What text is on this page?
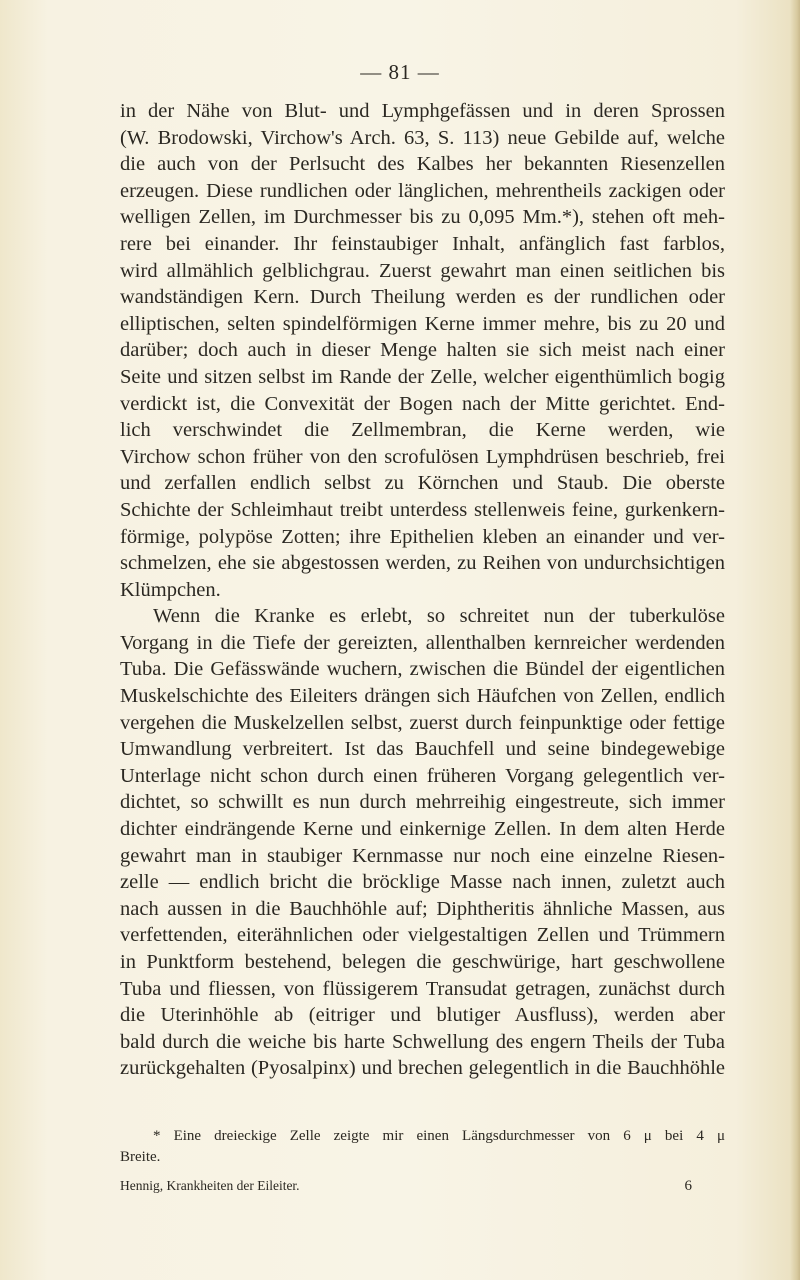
— 81 —
in der Nähe von Blut- und Lymphgefässen und in deren Sprossen
(W. Brodowski, Virchow's Arch. 63, S. 113) neue Gebilde auf, welche
die auch von der Perlsucht des Kalbes her bekannten Riesenzellen
erzeugen. Diese rundlichen oder länglichen, mehrentheils zackigen oder
welligen Zellen, im Durchmesser bis zu 0,095 Mm.*), stehen oft meh-
rere bei einander. Ihr feinstaubiger Inhalt, anfänglich fast farblos,
wird allmählich gelblichgrau. Zuerst gewahrt man einen seitlichen bis
wandständigen Kern. Durch Theilung werden es der rundlichen oder
elliptischen, selten spindelförmigen Kerne immer mehre, bis zu 20 und
darüber; doch auch in dieser Menge halten sie sich meist nach einer
Seite und sitzen selbst im Rande der Zelle, welcher eigenthümlich bogig
verdickt ist, die Convexität der Bogen nach der Mitte gerichtet. End-
lich verschwindet die Zellmembran, die Kerne werden, wie
Virchow schon früher von den scrofulösen Lymphdrüsen beschrieb, frei
und zerfallen endlich selbst zu Körnchen und Staub. Die oberste
Schichte der Schleimhaut treibt unterdess stellenweis feine, gurkenkern-
förmige, polypöse Zotten; ihre Epithelien kleben an einander und ver-
schmelzen, ehe sie abgestossen werden, zu Reihen von undurchsichtigen
Klümpchen.
Wenn die Kranke es erlebt, so schreitet nun der tuberkulöse
Vorgang in die Tiefe der gereizten, allenthalben kernreicher werdenden
Tuba. Die Gefässwände wuchern, zwischen die Bündel der eigentlichen
Muskelschichte des Eileiters drängen sich Häufchen von Zellen, endlich
vergehen die Muskelzellen selbst, zuerst durch feinpunktige oder fettige
Umwandlung verbreitert. Ist das Bauchfell und seine bindegewebige
Unterlage nicht schon durch einen früheren Vorgang gelegentlich ver-
dichtet, so schwillt es nun durch mehrreihig eingestreute, sich immer
dichter eindrängende Kerne und einkernige Zellen. In dem alten Herde
gewahrt man in staubiger Kernmasse nur noch eine einzelne Riesen-
zelle — endlich bricht die bröcklige Masse nach innen, zuletzt auch
nach aussen in die Bauchhöhle auf; Diphtheritis ähnliche Massen, aus
verfettenden, eiterähnlichen oder vielgestaltigen Zellen und Trümmern
in Punktform bestehend, belegen die geschwürige, hart geschwollene
Tuba und fliessen, von flüssigerem Transudat getragen, zunächst durch
die Uterinhöhle ab (eitriger und blutiger Ausfluss), werden aber
bald durch die weiche bis harte Schwellung des engern Theils der Tuba
zurückgehalten (Pyosalpinx) und brechen gelegentlich in die Bauchhöhle
* Eine dreieckige Zelle zeigte mir einen Längsdurchmesser von 6 μ bei 4 μ
Breite.
Hennig, Krankheiten der Eileiter.	6
